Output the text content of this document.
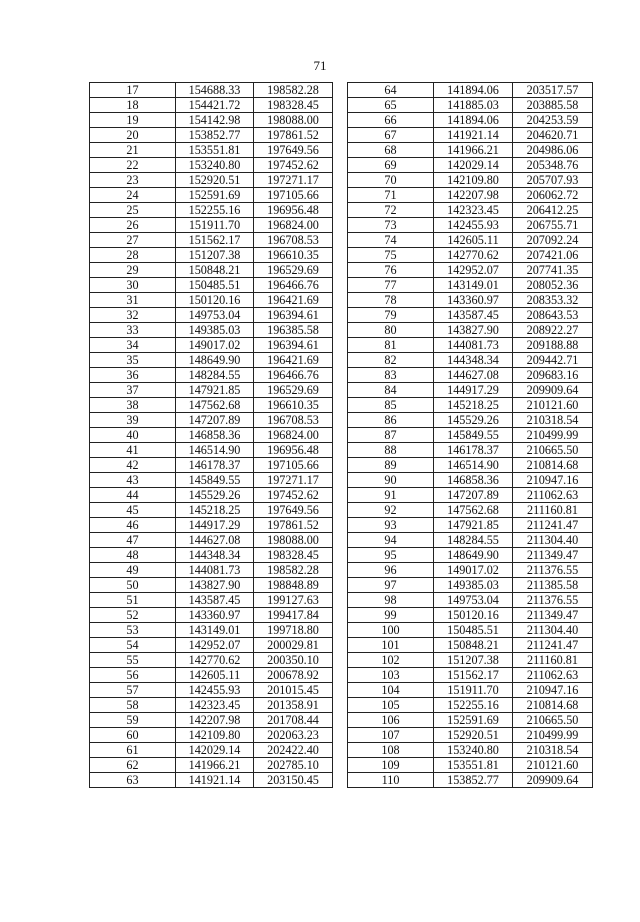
71
17	154688.33	198582.28
18	154421.72	198328.45
19	154142.98	198088.00
20	153852.77	197861.52
21	153551.81	197649.56
22	153240.80	197452.62
23	152920.51	197271.17
24	152591.69	197105.66
25	152255.16	196956.48
26	151911.70	196824.00
27	151562.17	196708.53
28	151207.38	196610.35
29	150848.21	196529.69
30	150485.51	196466.76
31	150120.16	196421.69
32	149753.04	196394.61
33	149385.03	196385.58
34	149017.02	196394.61
35	148649.90	196421.69
36	148284.55	196466.76
37	147921.85	196529.69
38	147562.68	196610.35
39	147207.89	196708.53
40	146858.36	196824.00
41	146514.90	196956.48
42	146178.37	197105.66
43	145849.55	197271.17
44	145529.26	197452.62
45	145218.25	197649.56
46	144917.29	197861.52
47	144627.08	198088.00
48	144348.34	198328.45
49	144081.73	198582.28
50	143827.90	198848.89
51	143587.45	199127.63
52	143360.97	199417.84
53	143149.01	199718.80
54	142952.07	200029.81
55	142770.62	200350.10
56	142605.11	200678.92
57	142455.93	201015.45
58	142323.45	201358.91
59	142207.98	201708.44
60	142109.80	202063.23
61	142029.14	202422.40
62	141966.21	202785.10
63	141921.14	203150.45
64	141894.06	203517.57
65	141885.03	203885.58
66	141894.06	204253.59
67	141921.14	204620.71
68	141966.21	204986.06
69	142029.14	205348.76
70	142109.80	205707.93
71	142207.98	206062.72
72	142323.45	206412.25
73	142455.93	206755.71
74	142605.11	207092.24
75	142770.62	207421.06
76	142952.07	207741.35
77	143149.01	208052.36
78	143360.97	208353.32
79	143587.45	208643.53
80	143827.90	208922.27
81	144081.73	209188.88
82	144348.34	209442.71
83	144627.08	209683.16
84	144917.29	209909.64
85	145218.25	210121.60
86	145529.26	210318.54
87	145849.55	210499.99
88	146178.37	210665.50
89	146514.90	210814.68
90	146858.36	210947.16
91	147207.89	211062.63
92	147562.68	211160.81
93	147921.85	211241.47
94	148284.55	211304.40
95	148649.90	211349.47
96	149017.02	211376.55
97	149385.03	211385.58
98	149753.04	211376.55
99	150120.16	211349.47
100	150485.51	211304.40
101	150848.21	211241.47
102	151207.38	211160.81
103	151562.17	211062.63
104	151911.70	210947.16
105	152255.16	210814.68
106	152591.69	210665.50
107	152920.51	210499.99
108	153240.80	210318.54
109	153551.81	210121.60
110	153852.77	209909.64
